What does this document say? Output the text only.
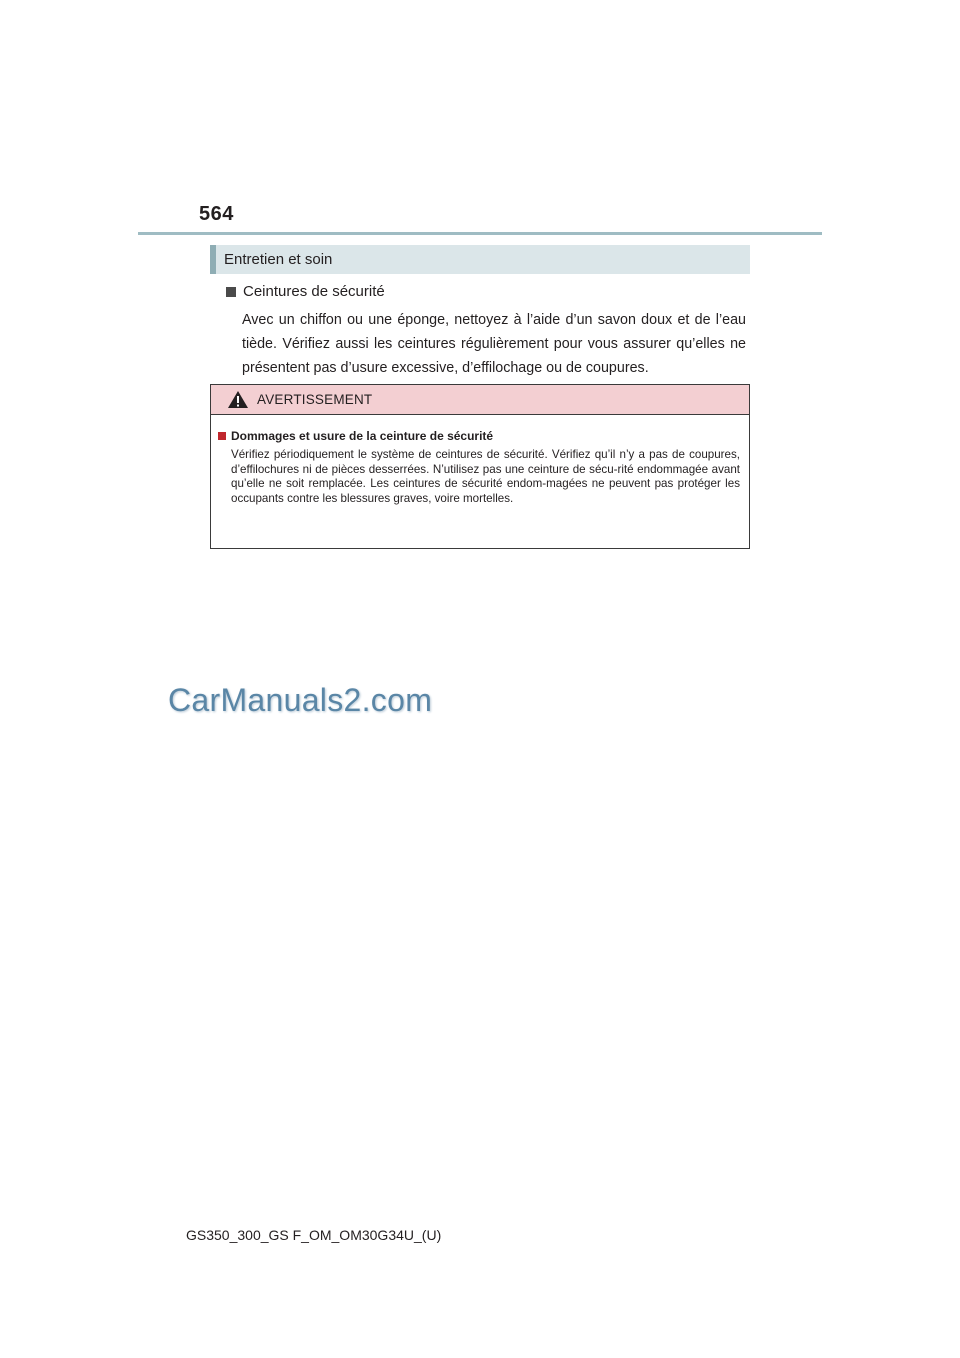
564
Entretien et soin

Ceintures de sécurité

Avec un chiffon ou une éponge, nettoyez à l’aide d’un savon doux et de l’eau tiède. Vérifiez aussi les ceintures régulièrement pour vous assurer qu’elles ne présentent pas d’usure excessive, d’effilochage ou de coupures.

AVERTISSEMENT

Dommages et usure de la ceinture de sécurité

Vérifiez périodiquement le système de ceintures de sécurité. Vérifiez qu’il n’y a pas de coupures, d’effilochures ni de pièces desserrées. N’utilisez pas une ceinture de sécu-rité endommagée avant qu’elle ne soit remplacée. Les ceintures de sécurité endom-magées ne peuvent pas protéger les occupants contre les blessures graves, voire mortelles.

CarManuals2.com
GS350_300_GS F_OM_OM30G34U_(U)
